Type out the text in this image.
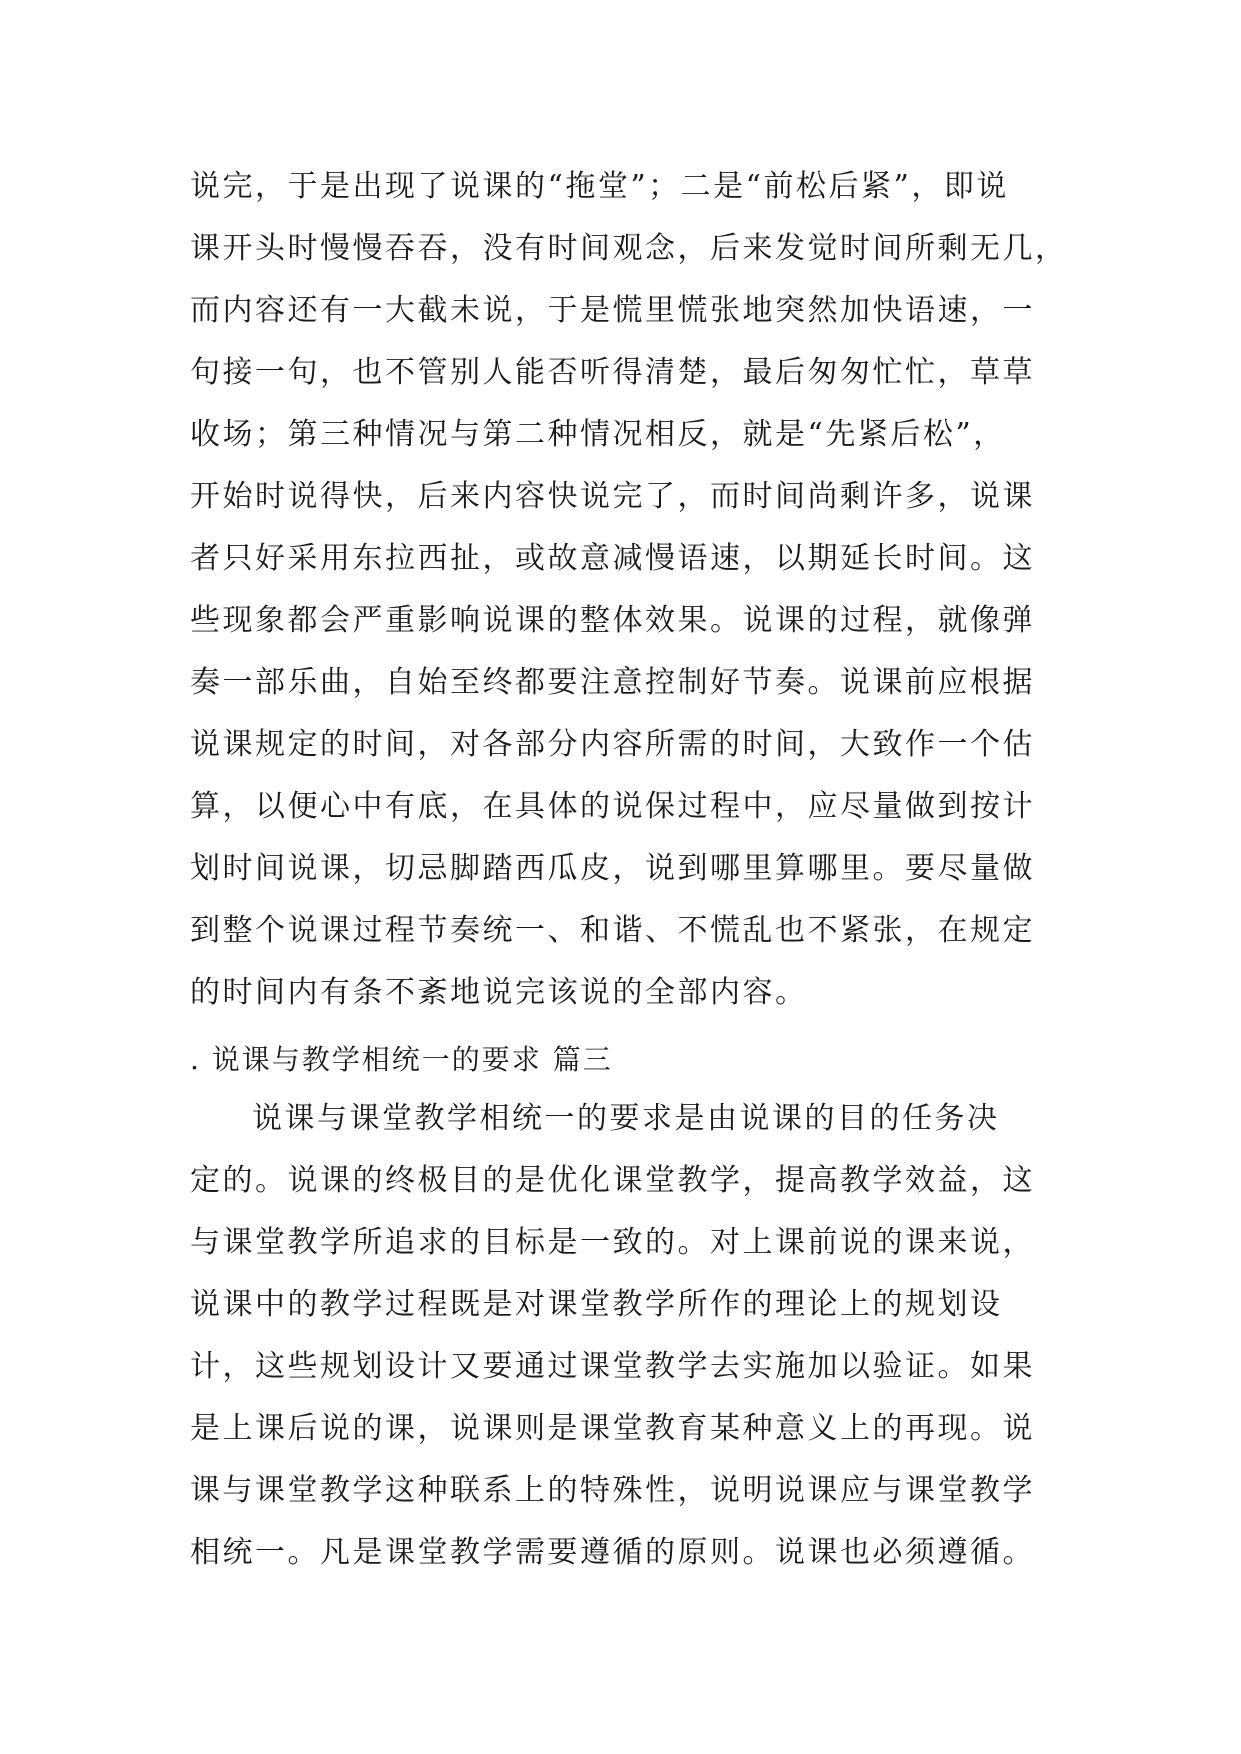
说完，于是出现了说课的“拖堂”；二是“前松后紧”，即说
课开头时慢慢吞吞，没有时间观念，后来发觉时间所剩无几，
而内容还有一大截未说，于是慌里慌张地突然加快语速，一
句接一句，也不管别人能否听得清楚，最后匆匆忙忙，草草
收场；第三种情况与第二种情况相反，就是“先紧后松”，
开始时说得快，后来内容快说完了，而时间尚剩许多，说课
者只好采用东拉西扯，或故意减慢语速，以期延长时间。这
些现象都会严重影响说课的整体效果。说课的过程，就像弹
奏一部乐曲，自始至终都要注意控制好节奏。说课前应根据
说课规定的时间，对各部分内容所需的时间，大致作一个估
算，以便心中有底，在具体的说保过程中，应尽量做到按计
划时间说课，切忌脚踏西瓜皮，说到哪里算哪里。要尽量做
到整个说课过程节奏统一、和谐、不慌乱也不紧张，在规定
的时间内有条不紊地说完该说的全部内容。
. 说课与教学相统一的要求 篇三
说课与课堂教学相统一的要求是由说课的目的任务决
定的。说课的终极目的是优化课堂教学，提高教学效益，这
与课堂教学所追求的目标是一致的。对上课前说的课来说，
说课中的教学过程既是对课堂教学所作的理论上的规划设
计，这些规划设计又要通过课堂教学去实施加以验证。如果
是上课后说的课，说课则是课堂教育某种意义上的再现。说
课与课堂教学这种联系上的特殊性，说明说课应与课堂教学
相统一。凡是课堂教学需要遵循的原则。说课也必须遵循。
